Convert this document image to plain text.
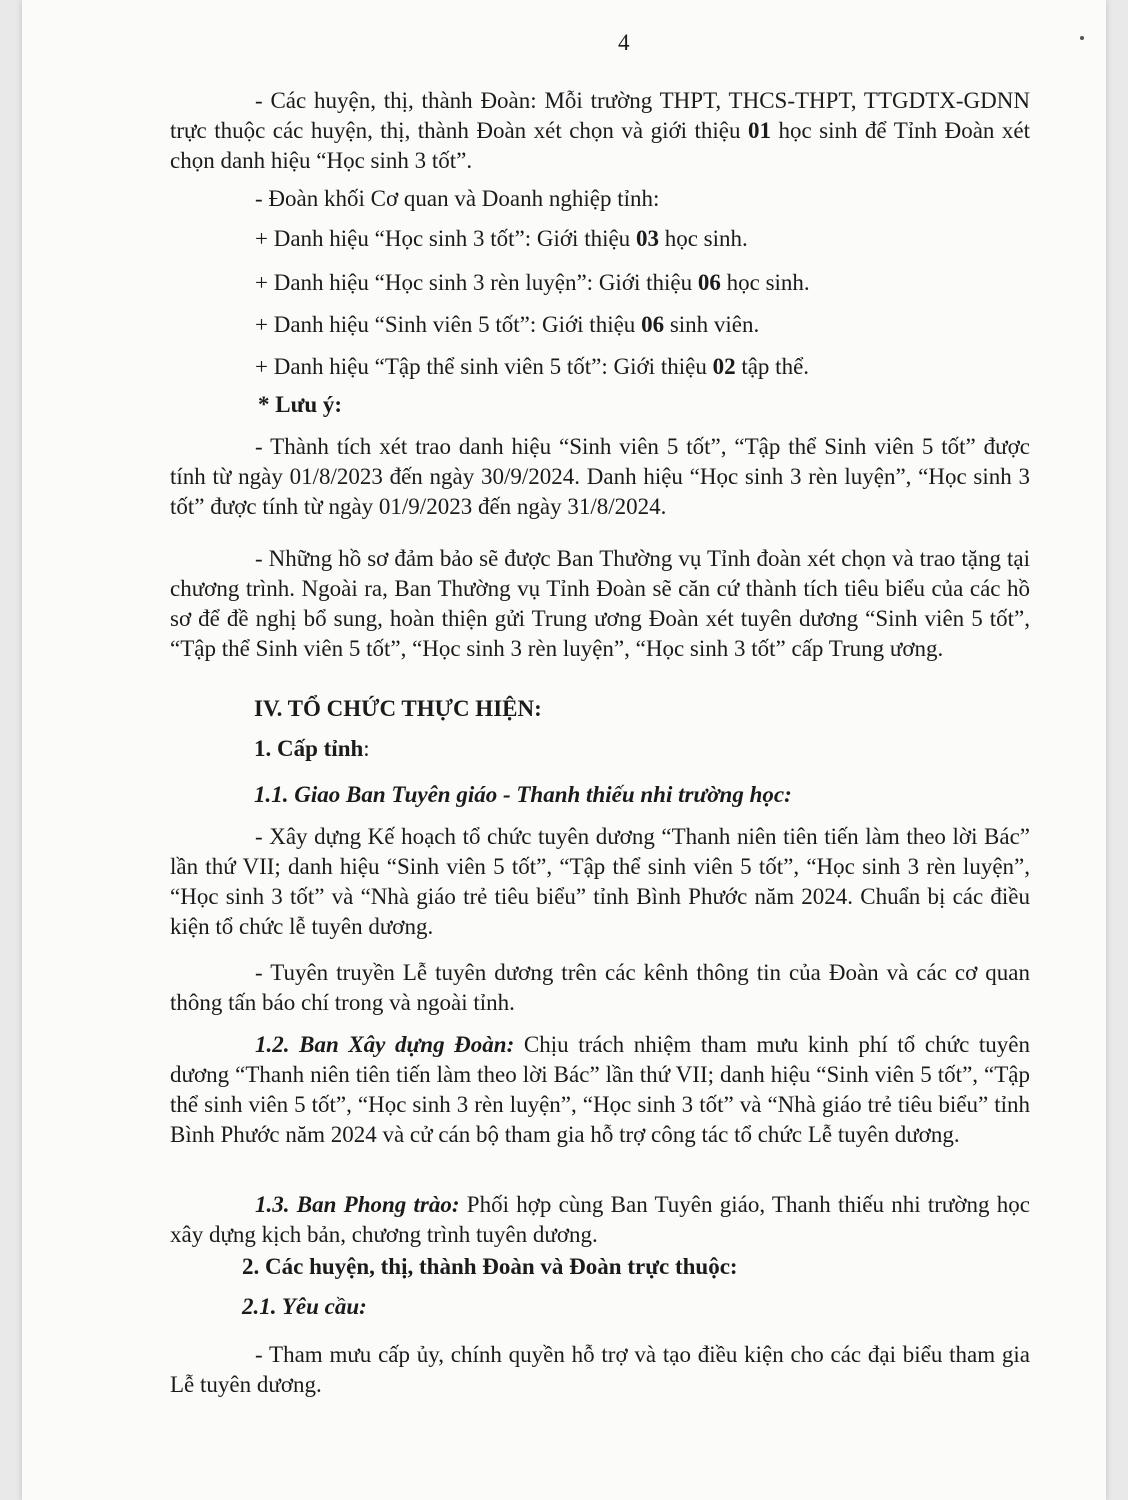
4

- Các huyện, thị, thành Đoàn: Mỗi trường THPT, THCS-THPT, TTGDTX-GDNN trực thuộc các huyện, thị, thành Đoàn xét chọn và giới thiệu 01 học sinh để Tỉnh Đoàn xét chọn danh hiệu “Học sinh 3 tốt”.

- Đoàn khối Cơ quan và Doanh nghiệp tỉnh:
+ Danh hiệu “Học sinh 3 tốt”: Giới thiệu 03 học sinh.
+ Danh hiệu “Học sinh 3 rèn luyện”: Giới thiệu 06 học sinh.
+ Danh hiệu “Sinh viên 5 tốt”: Giới thiệu 06 sinh viên.
+ Danh hiệu “Tập thể sinh viên 5 tốt”: Giới thiệu 02 tập thể.
* Lưu ý:

- Thành tích xét trao danh hiệu “Sinh viên 5 tốt”, “Tập thể Sinh viên 5 tốt” được tính từ ngày 01/8/2023 đến ngày 30/9/2024. Danh hiệu “Học sinh 3 rèn luyện”, “Học sinh 3 tốt” được tính từ ngày 01/9/2023 đến ngày 31/8/2024.

- Những hồ sơ đảm bảo sẽ được Ban Thường vụ Tỉnh đoàn xét chọn và trao tặng tại chương trình. Ngoài ra, Ban Thường vụ Tỉnh Đoàn sẽ căn cứ thành tích tiêu biểu của các hồ sơ để đề nghị bổ sung, hoàn thiện gửi Trung ương Đoàn xét tuyên dương “Sinh viên 5 tốt”, “Tập thể Sinh viên 5 tốt”, “Học sinh 3 rèn luyện”, “Học sinh 3 tốt” cấp Trung ương.

IV. TỔ CHỨC THỰC HIỆN:
1. Cấp tỉnh:
1.1. Giao Ban Tuyên giáo - Thanh thiếu nhi trường học:

- Xây dựng Kế hoạch tổ chức tuyên dương “Thanh niên tiên tiến làm theo lời Bác” lần thứ VII; danh hiệu “Sinh viên 5 tốt”, “Tập thể sinh viên 5 tốt”, “Học sinh 3 rèn luyện”, “Học sinh 3 tốt” và “Nhà giáo trẻ tiêu biểu” tỉnh Bình Phước năm 2024. Chuẩn bị các điều kiện tổ chức lễ tuyên dương.

- Tuyên truyền Lễ tuyên dương trên các kênh thông tin của Đoàn và các cơ quan thông tấn báo chí trong và ngoài tỉnh.

1.2. Ban Xây dựng Đoàn: Chịu trách nhiệm tham mưu kinh phí tổ chức tuyên dương “Thanh niên tiên tiến làm theo lời Bác” lần thứ VII; danh hiệu “Sinh viên 5 tốt”, “Tập thể sinh viên 5 tốt”, “Học sinh 3 rèn luyện”, “Học sinh 3 tốt” và “Nhà giáo trẻ tiêu biểu” tỉnh Bình Phước năm 2024 và cử cán bộ tham gia hỗ trợ công tác tổ chức Lễ tuyên dương.

1.3. Ban Phong trào: Phối hợp cùng Ban Tuyên giáo, Thanh thiếu nhi trường học xây dựng kịch bản, chương trình tuyên dương.

2. Các huyện, thị, thành Đoàn và Đoàn trực thuộc:
2.1. Yêu cầu:

- Tham mưu cấp ủy, chính quyền hỗ trợ và tạo điều kiện cho các đại biểu tham gia Lễ tuyên dương.
